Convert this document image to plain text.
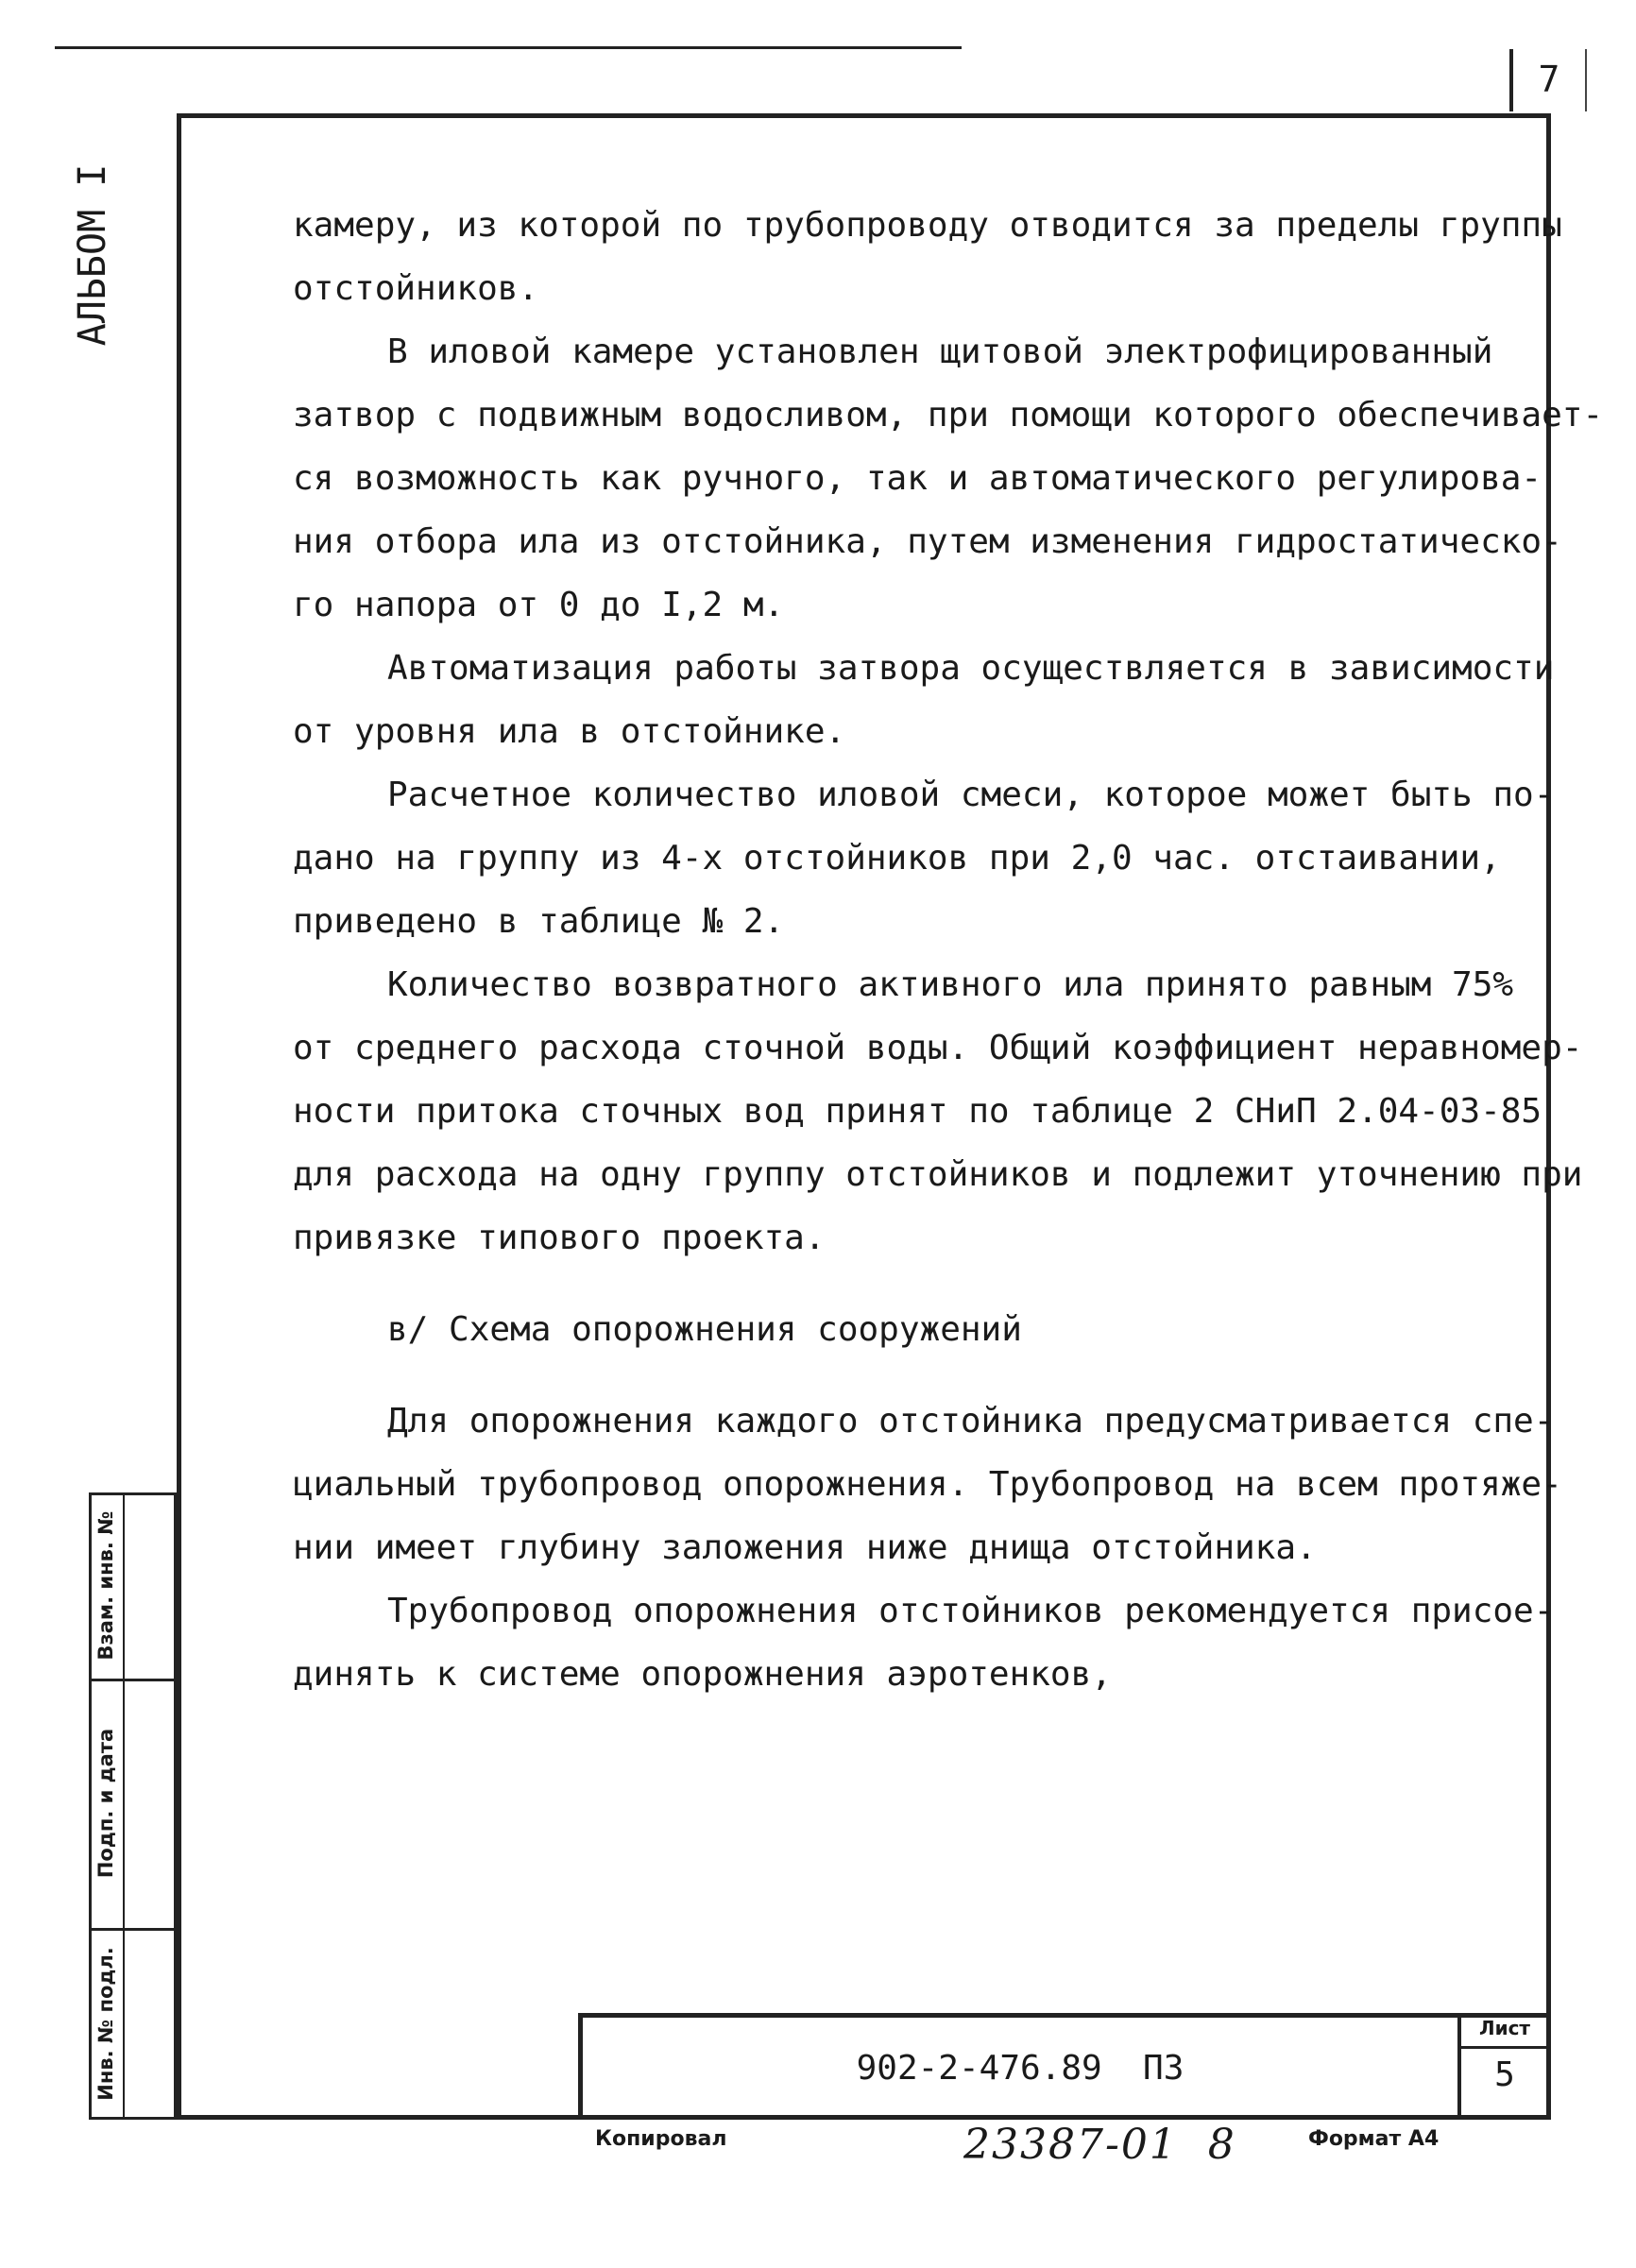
7
АЛЬБОМ I
Взам. инв. №
Подп. и дата
Инв. № подл.

камеру, из которой по трубопроводу отводится за пределы группы

отстойников.

В иловой камере установлен щитовой электрофицированный

затвор с подвижным водосливом, при помощи которого обеспечивает-

ся возможность как ручного, так и автоматического регулирова-

ния отбора ила из отстойника, путем изменения гидростатическо-

го напора от 0 до I,2 м.

Автоматизация работы затвора осуществляется в зависимости

от уровня ила в отстойнике.

Расчетное количество иловой смеси, которое может быть по-

дано на группу из 4-х отстойников при 2,0 час. отстаивании,

приведено в таблице № 2.

Количество возвратного активного ила принято равным 75%

от среднего расхода сточной воды. Общий коэффициент неравномер-

ности притока сточных вод принят по таблице 2 СНиП 2.04-03-85

для расхода на одну группу отстойников и подлежит уточнению при

привязке типового проекта.

в/ Схема опорожнения сооружений

Для опорожнения каждого отстойника предусматривается спе-

циальный трубопровод опорожнения. Трубопровод на всем протяже-

нии имеет глубину заложения ниже днища отстойника.

Трубопровод опорожнения отстойников рекомендуется присое-

динять к системе опорожнения аэротенков,

902-2-476.89  ПЗ
Лист
5
Копировал	23387-01  8	Формат А4
